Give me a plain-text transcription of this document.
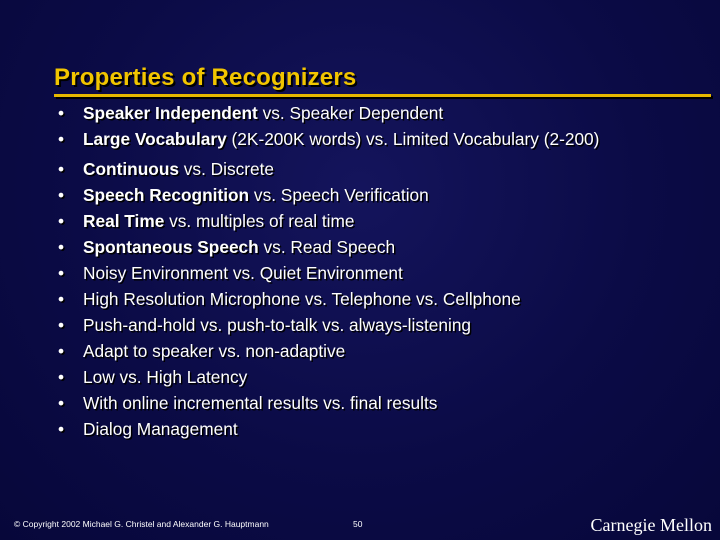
Properties of Recognizers
• Speaker Independent vs. Speaker Dependent
• Large Vocabulary (2K-200K words) vs. Limited Vocabulary (2-200)
• Continuous vs. Discrete
• Speech Recognition vs. Speech Verification
• Real Time vs. multiples of real time
• Spontaneous Speech vs. Read Speech
• Noisy Environment vs. Quiet Environment
• High Resolution Microphone vs. Telephone vs. Cellphone
• Push-and-hold vs. push-to-talk vs. always-listening
• Adapt to speaker vs. non-adaptive
• Low vs. High Latency
• With online incremental results vs. final results
• Dialog Management
© Copyright 2002 Michael G. Christel and Alexander G. Hauptmann	50	Carnegie Mellon
